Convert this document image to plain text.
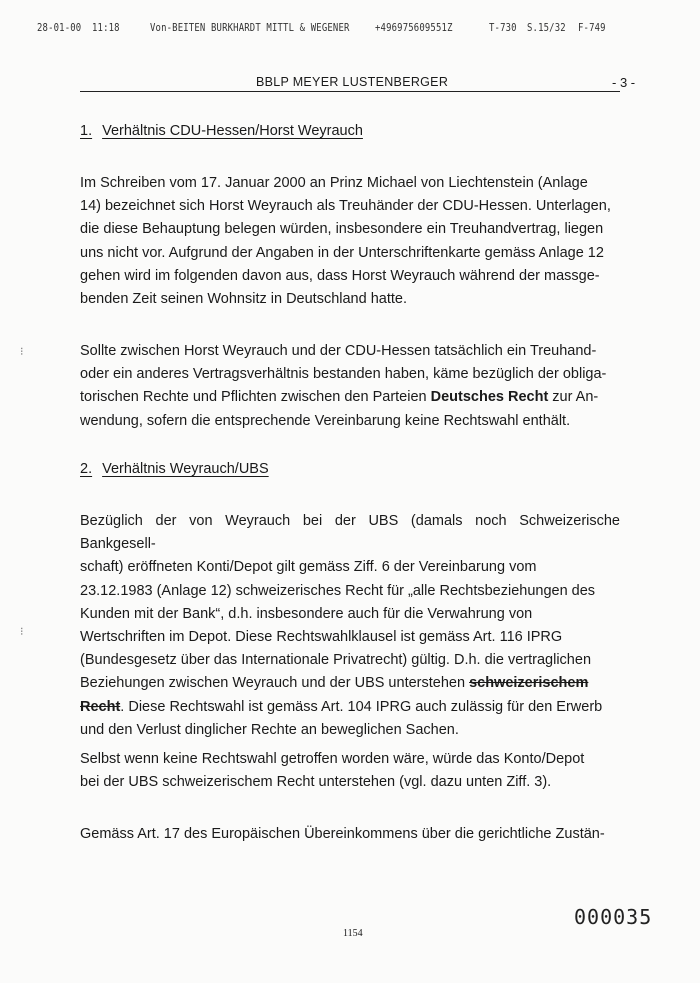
28-01-00 11:18	Von-BEITEN BURKHARDT MITTL & WEGENER +496975609551Z	T-730 S.15/32 F-749
BBLP MEYER LUSTENBERGER	- 3 -
1. Verhältnis CDU-Hessen/Horst Weyrauch
Im Schreiben vom 17. Januar 2000 an Prinz Michael von Liechtenstein (Anlage
14) bezeichnet sich Horst Weyrauch als Treuhänder der CDU-Hessen. Unterlagen,
die diese Behauptung belegen würden, insbesondere ein Treuhandvertrag, liegen
uns nicht vor. Aufgrund der Angaben in der Unterschriftenkarte gemäss Anlage 12
gehen wird im folgenden davon aus, dass Horst Weyrauch während der massge-
benden Zeit seinen Wohnsitz in Deutschland hatte.
Sollte zwischen Horst Weyrauch und der CDU-Hessen tatsächlich ein Treuhand-
oder ein anderes Vertragsverhältnis bestanden haben, käme bezüglich der obliga-
torischen Rechte und Pflichten zwischen den Parteien Deutsches Recht zur An-
wendung, sofern die entsprechende Vereinbarung keine Rechtswahl enthält.
2. Verhältnis Weyrauch/UBS
Bezüglich der von Weyrauch bei der UBS (damals noch Schweizerische Bankgesell-
schaft) eröffneten Konti/Depot gilt gemäss Ziff. 6 der Vereinbarung vom
23.12.1983 (Anlage 12) schweizerisches Recht für „alle Rechtsbeziehungen des
Kunden mit der Bank“, d.h. insbesondere auch für die Verwahrung von
Wertschriften im Depot. Diese Rechtswahlklausel ist gemäss Art. 116 IPRG
(Bundesgesetz über das Internationale Privatrecht) gültig. D.h. die vertraglichen
Beziehungen zwischen Weyrauch und der UBS unterstehen schweizerischem
Recht. Diese Rechtswahl ist gemäss Art. 104 IPRG auch zulässig für den Erwerb
und den Verlust dinglicher Rechte an beweglichen Sachen.
Selbst wenn keine Rechtswahl getroffen worden wäre, würde das Konto/Depot
bei der UBS schweizerischem Recht unterstehen (vgl. dazu unten Ziff. 3).
Gemäss Art. 17 des Europäischen Übereinkommens über die gerichtliche Zustän-
000035
1154
⁝
⁝
